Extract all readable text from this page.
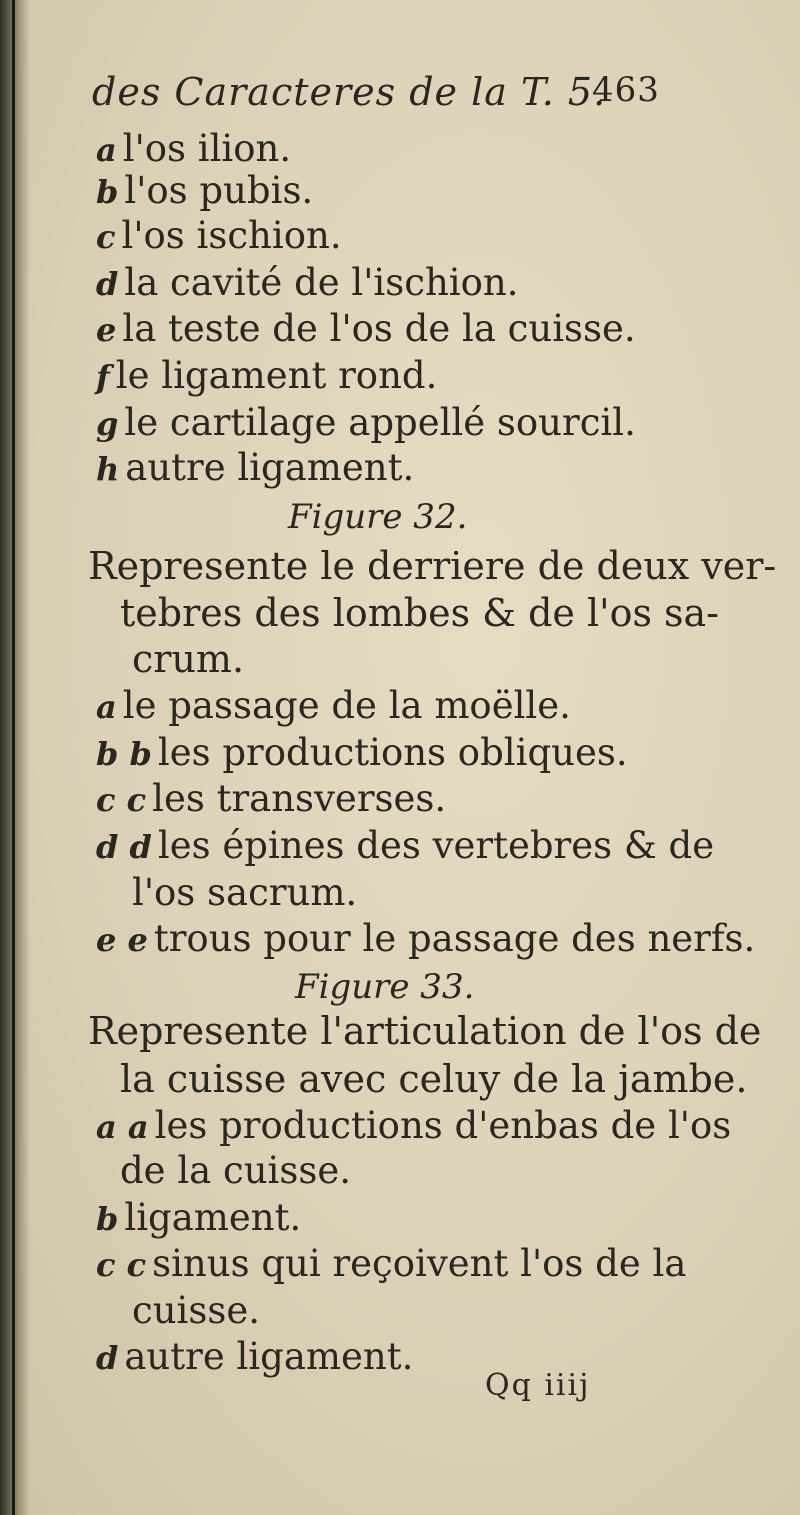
des Caracteres de la T. 5.
463
a l'os ilion.
b l'os pubis.
c l'os ischion.
d la cavité de l'ischion.
e la teste de l'os de la cuisse.
f le ligament rond.
g le cartilage appellé sourcil.
h autre ligament.
Figure 32.
Represente le derriere de deux ver-
tebres des lombes & de l'os sa-
crum.
a le passage de la moëlle.
b b les productions obliques.
c c les transverses.
d d les épines des vertebres & de
l'os sacrum.
e e trous pour le passage des nerfs.
Figure 33.
Represente l'articulation de l'os de
la cuisse avec celuy de la jambe.
a a les productions d'enbas de l'os
de la cuisse.
b ligament.
c c sinus qui reçoivent l'os de la
cuisse.
d autre ligament.
Qq iiij
